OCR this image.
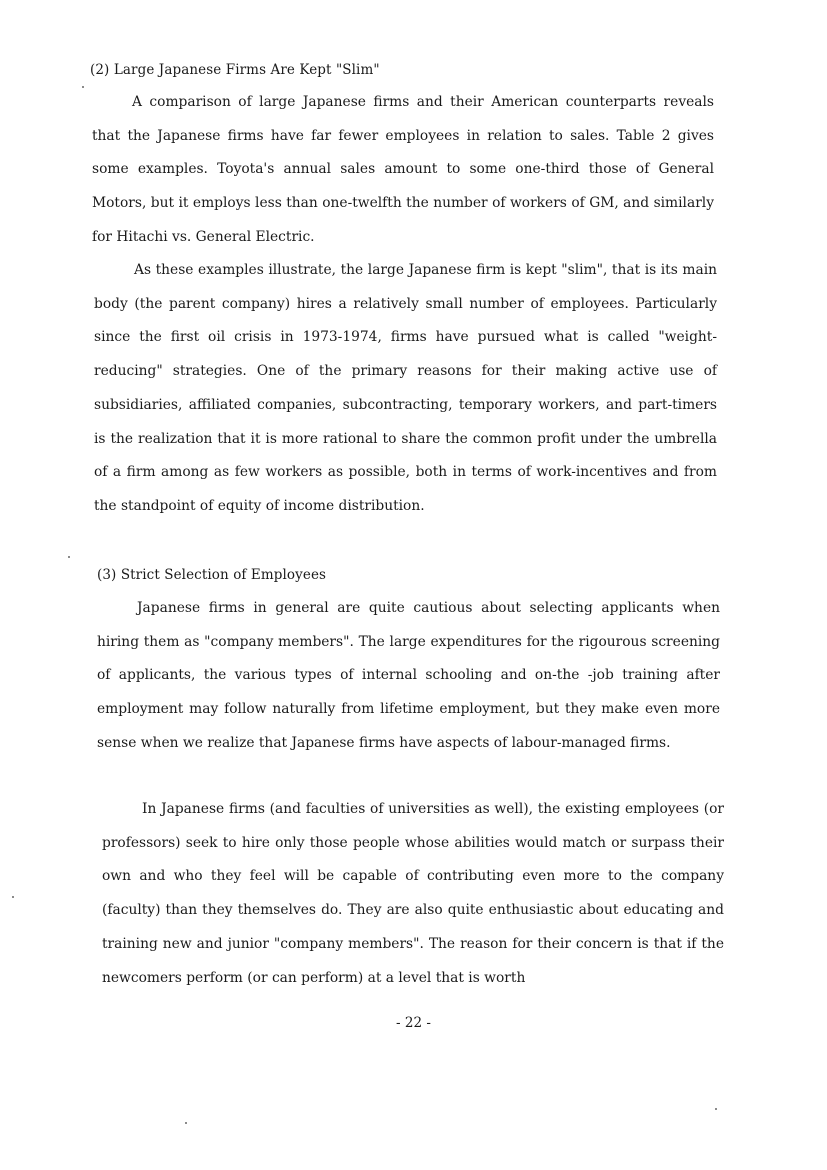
(2) Large Japanese Firms Are Kept "Slim"

A comparison of large Japanese firms and their American counterparts reveals that the Japanese firms have far fewer employees in relation to sales. Table 2 gives some examples. Toyota's annual sales amount to some one-third those of General Motors, but it employs less than one-twelfth the number of workers of GM, and similarly for Hitachi vs. General Electric.

As these examples illustrate, the large Japanese firm is kept "slim", that is its main body (the parent company) hires a relatively small number of employees. Particularly since the first oil crisis in 1973-1974, firms have pursued what is called "weight-reducing" strategies. One of the primary reasons for their making active use of subsidiaries, affiliated companies, subcontracting, temporary workers, and part-timers is the realization that it is more rational to share the common profit under the umbrella of a firm among as few workers as possible, both in terms of work-incentives and from the standpoint of equity of income distribution.

(3) Strict Selection of Employees

Japanese firms in general are quite cautious about selecting applicants when hiring them as "company members". The large expenditures for the rigourous screening of applicants, the various types of internal schooling and on-the -job training after employment may follow naturally from lifetime employment, but they make even more sense when we realize that Japanese firms have aspects of labour-managed firms.

In Japanese firms (and faculties of universities as well), the existing employees (or professors) seek to hire only those people whose abilities would match or surpass their own and who they feel will be capable of contributing even more to the company (faculty) than they themselves do. They are also quite enthusiastic about educating and training new and junior "company members". The reason for their concern is that if the newcomers perform (or can perform) at a level that is worth

- 22 -
